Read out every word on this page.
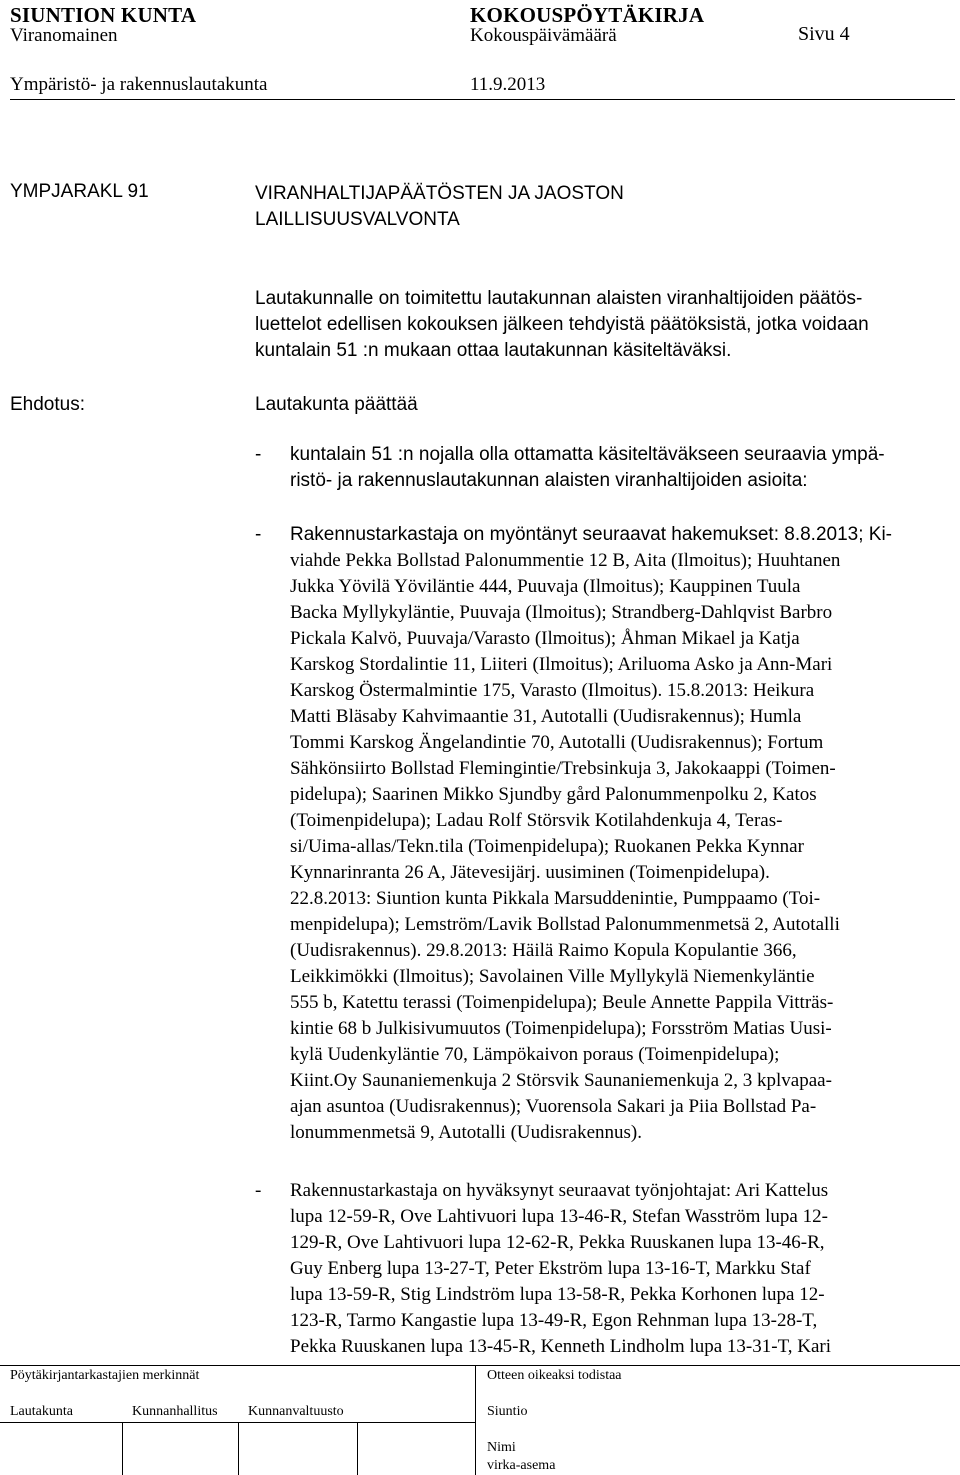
SIUNTION KUNTA	KOKOUSPÖYTÄKIRJA
Viranomainen	Kokouspäivämäärä	Sivu 4
Ympäristö- ja rakennuslautakunta	11.9.2013
YMPJARAKL 91	VIRANHALTIJAPÄÄTÖSTEN JA JAOSTON
LAILLISUUSVALVONTA
Lautakunnalle on toimitettu lautakunnan alaisten viranhaltijoiden päätös-
luettelot edellisen kokouksen jälkeen tehdyistä päätöksistä, jotka voidaan
kuntalain 51 :n mukaan ottaa lautakunnan käsiteltäväksi.
Ehdotus:	Lautakunta päättää
- kuntalain 51 :n nojalla olla ottamatta käsiteltäväkseen seuraavia ympä-
ristö- ja rakennuslautakunnan alaisten viranhaltijoiden asioita:
- Rakennustarkastaja on myöntänyt seuraavat hakemukset: 8.8.2013; Ki-
viahde Pekka Bollstad Palonummentie 12 B, Aita (Ilmoitus); Huuhtanen
Jukka Yövilä Yöviläntie 444, Puuvaja (Ilmoitus); Kauppinen Tuula
Backa Myllykyläntie, Puuvaja (Ilmoitus); Strandberg-Dahlqvist Barbro
Pickala Kalvö, Puuvaja/Varasto (Ilmoitus); Åhman Mikael ja Katja
Karskog Stordalintie 11, Liiteri (Ilmoitus); Ariluoma Asko ja Ann-Mari
Karskog Östermalmintie 175, Varasto (Ilmoitus). 15.8.2013: Heikura
Matti Bläsaby Kahvimaantie 31, Autotalli (Uudisrakennus); Humla
Tommi Karskog Ängelandintie 70, Autotalli (Uudisrakennus); Fortum
Sähkönsiirto Bollstad Flemingintie/Trebsinkuja 3, Jakokaappi (Toimen-
pidelupa); Saarinen Mikko Sjundby gård Palonummenpolku 2, Katos
(Toimenpidelupa); Ladau Rolf Störsvik Kotilahdenkuja 4, Teras-
si/Uima-allas/Tekn.tila (Toimenpidelupa); Ruokanen Pekka Kynnar
Kynnarinranta 26 A, Jätevesijärj. uusiminen (Toimenpidelupa).
22.8.2013: Siuntion kunta Pikkala Marsuddenintie, Pumppaamo (Toi-
menpidelupa); Lemström/Lavik Bollstad Palonummenmetsä 2, Autotalli
(Uudisrakennus). 29.8.2013: Häilä Raimo Kopula Kopulantie 366,
Leikkimökki (Ilmoitus); Savolainen Ville Myllykylä Niemenkyläntie
555 b, Katettu terassi (Toimenpidelupa); Beule Annette Pappila Vitträs-
kintie 68 b Julkisivumuutos (Toimenpidelupa); Forsström Matias Uusi-
kylä Uudenkyläntie 70, Lämpökaivon poraus (Toimenpidelupa);
Kiint.Oy Saunaniemenkuja 2 Störsvik Saunaniemenkuja 2, 3 kplvapaa-
ajan asuntoa (Uudisrakennus); Vuorensola Sakari ja Piia Bollstad Pa-
lonummenmetsä 9, Autotalli (Uudisrakennus).
- Rakennustarkastaja on hyväksynyt seuraavat työnjohtajat: Ari Kattelus
lupa 12-59-R, Ove Lahtivuori lupa 13-46-R, Stefan Wasström lupa 12-
129-R, Ove Lahtivuori lupa 12-62-R, Pekka Ruuskanen lupa 13-46-R,
Guy Enberg lupa 13-27-T, Peter Ekström lupa 13-16-T, Markku Staf
lupa 13-59-R, Stig Lindström lupa 13-58-R, Pekka Korhonen lupa 12-
123-R, Tarmo Kangastie lupa 13-49-R, Egon Rehnman lupa 13-28-T,
Pekka Ruuskanen lupa 13-45-R, Kenneth Lindholm lupa 13-31-T, Kari
Pöytäkirjantarkastajien merkinnät	Otteen oikeaksi todistaa
Lautakunta	Kunnanhallitus Kunnanvaltuusto	Siuntio
Nimi
virka-asema
